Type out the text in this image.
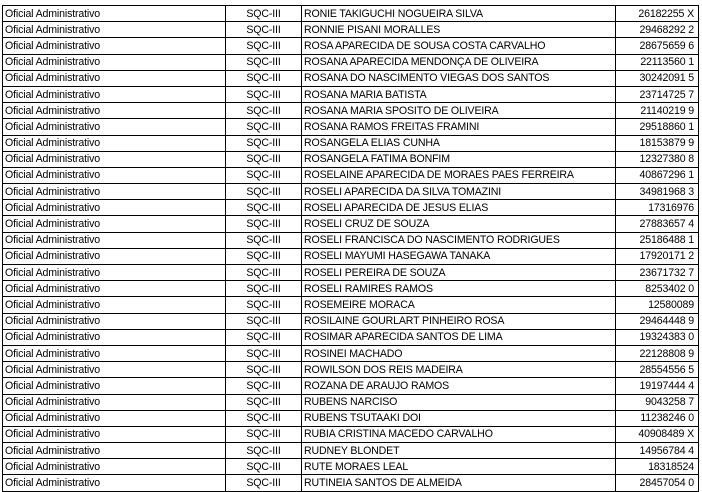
Oficial Administrativo	SQC-III	RONIE TAKIGUCHI NOGUEIRA SILVA	26182255 X
Oficial Administrativo	SQC-III	RONNIE PISANI MORALLES	29468292 2
Oficial Administrativo	SQC-III	ROSA APARECIDA DE SOUSA COSTA CARVALHO	28675659 6
Oficial Administrativo	SQC-III	ROSANA APARECIDA MENDONÇA DE OLIVEIRA	22113560 1
Oficial Administrativo	SQC-III	ROSANA DO NASCIMENTO VIEGAS DOS SANTOS	30242091 5
Oficial Administrativo	SQC-III	ROSANA MARIA BATISTA	23714725 7
Oficial Administrativo	SQC-III	ROSANA MARIA SPOSITO DE OLIVEIRA	21140219 9
Oficial Administrativo	SQC-III	ROSANA RAMOS FREITAS FRAMINI	29518860 1
Oficial Administrativo	SQC-III	ROSANGELA ELIAS CUNHA	18153879 9
Oficial Administrativo	SQC-III	ROSANGELA FATIMA BONFIM	12327380 8
Oficial Administrativo	SQC-III	ROSELAINE APARECIDA DE MORAES PAES FERREIRA	40867296 1
Oficial Administrativo	SQC-III	ROSELI APARECIDA DA SILVA TOMAZINI	34981968 3
Oficial Administrativo	SQC-III	ROSELI APARECIDA DE JESUS ELIAS	17316976
Oficial Administrativo	SQC-III	ROSELI CRUZ DE SOUZA	27883657 4
Oficial Administrativo	SQC-III	ROSELI FRANCISCA DO NASCIMENTO RODRIGUES	25186488 1
Oficial Administrativo	SQC-III	ROSELI MAYUMI HASEGAWA TANAKA	17920171 2
Oficial Administrativo	SQC-III	ROSELI PEREIRA DE SOUZA	23671732 7
Oficial Administrativo	SQC-III	ROSELI RAMIRES RAMOS	8253402 0
Oficial Administrativo	SQC-III	ROSEMEIRE MORACA	12580089
Oficial Administrativo	SQC-III	ROSILAINE GOURLART PINHEIRO ROSA	29464448 9
Oficial Administrativo	SQC-III	ROSIMAR APARECIDA SANTOS DE LIMA	19324383 0
Oficial Administrativo	SQC-III	ROSINEI MACHADO	22128808 9
Oficial Administrativo	SQC-III	ROWILSON DOS REIS MADEIRA	28554556 5
Oficial Administrativo	SQC-III	ROZANA DE ARAUJO RAMOS	19197444 4
Oficial Administrativo	SQC-III	RUBENS NARCISO	9043258 7
Oficial Administrativo	SQC-III	RUBENS TSUTAAKI DOI	11238246 0
Oficial Administrativo	SQC-III	RUBIA CRISTINA MACEDO CARVALHO	40908489 X
Oficial Administrativo	SQC-III	RUDNEY BLONDET	14956784 4
Oficial Administrativo	SQC-III	RUTE MORAES LEAL	18318524
Oficial Administrativo	SQC-III	RUTINEIA SANTOS DE ALMEIDA	28457054 0
